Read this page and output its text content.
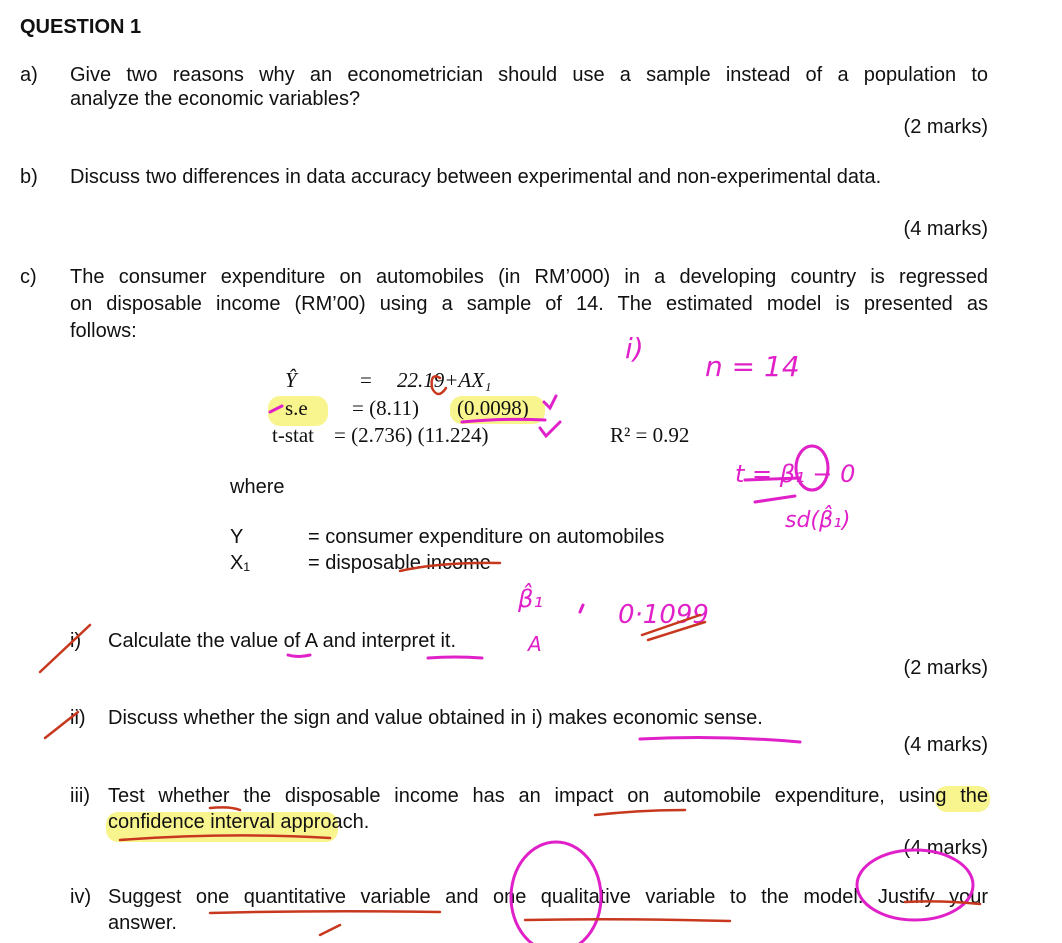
QUESTION 1
a) Give two reasons why an econometrician should use a sample instead of a population to
analyze the economic variables?
(2 marks)
b) Discuss two differences in data accuracy between experimental and non-experimental data.
(4 marks)
c) The consumer expenditure on automobiles (in RM’000) in a developing country is regressed
on disposable income (RM’00) using a sample of 14. The estimated model is presented as
follows:
Ŷ	= 22.19+AX₁
s.e = (8.11) (0.0098)
t-stat = (2.736) (11.224)	R² = 0.92
where
Y	= consumer expenditure on automobiles
X₁	= disposable income
i) Calculate the value of A and interpret it.
(2 marks)
ii) Discuss whether the sign and value obtained in i) makes economic sense.
(4 marks)
iii) Test whether the disposable income has an impact on automobile expenditure, using the
confidence interval approach.
(4 marks)
iv) Suggest one quantitative variable and one qualitative variable to the model. Justify your
answer.
i)
n = 14
t = β₁ − 0
sd(β̂₁)
β̂₁
A
0·1099
